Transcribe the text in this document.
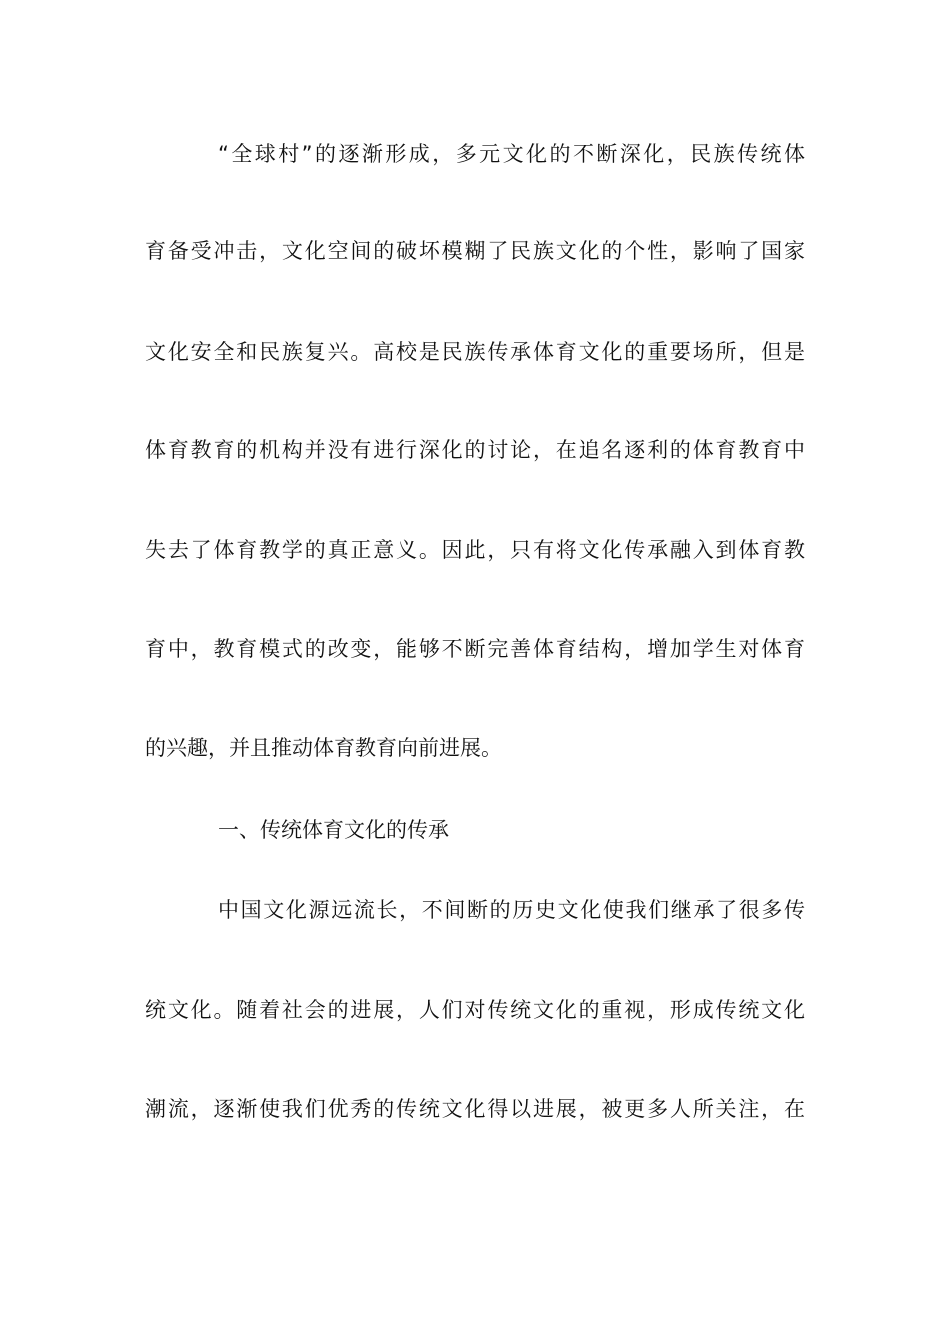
“全球村”的逐渐形成，多元文化的不断深化，民族传统体
育备受冲击，文化空间的破坏模糊了民族文化的个性，影响了国家
文化安全和民族复兴。高校是民族传承体育文化的重要场所，但是
体育教育的机构并没有进行深化的讨论，在追名逐利的体育教育中
失去了体育教学的真正意义。因此，只有将文化传承融入到体育教
育中，教育模式的改变，能够不断完善体育结构，增加学生对体育
的兴趣，并且推动体育教育向前进展。
一、传统体育文化的传承
中国文化源远流长，不间断的历史文化使我们继承了很多传
统文化。随着社会的进展，人们对传统文化的重视，形成传统文化
潮流，逐渐使我们优秀的传统文化得以进展，被更多人所关注，在
